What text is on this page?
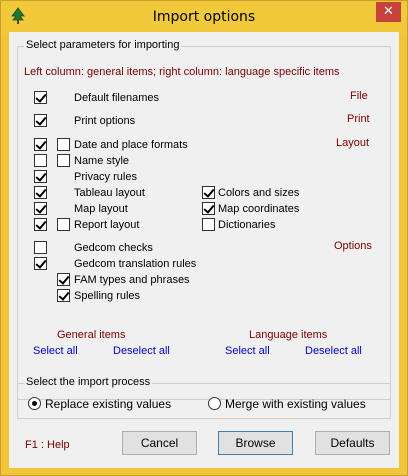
Import options	✕
Select parameters for importing
Left column: general items; right column: language specific items
Default filenames	File
Print options	Print
Date and place formats	Layout
Name style
Privacy rules
Tableau layout	Colors and sizes
Map layout	Map coordinates
Report layout	Dictionaries
Gedcom checks	Options
Gedcom translation rules
FAM types and phrases
Spelling rules
General items
Select all	Deselect all
Language items
Select all	Deselect all
Select the import process
Replace existing values	Merge with existing values
F1 : Help	Cancel	Browse	Defaults
